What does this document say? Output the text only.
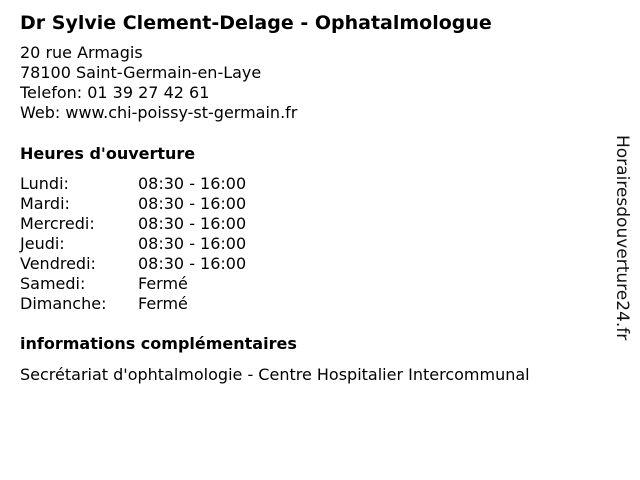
Dr Sylvie Clement-Delage - Ophatalmologue
20 rue Armagis
78100 Saint-Germain-en-Laye
Telefon: 01 39 27 42 61
Web: www.chi-poissy-st-germain.fr
Heures d'ouverture
Lundi:	08:30 - 16:00
Mardi:	08:30 - 16:00
Mercredi:	08:30 - 16:00
Jeudi:	08:30 - 16:00
Vendredi:	08:30 - 16:00
Samedi:	Fermé
Dimanche: Fermé
informations complémentaires
Secrétariat d'ophtalmologie - Centre Hospitalier Intercommunal
Horairesdouverture24.fr
